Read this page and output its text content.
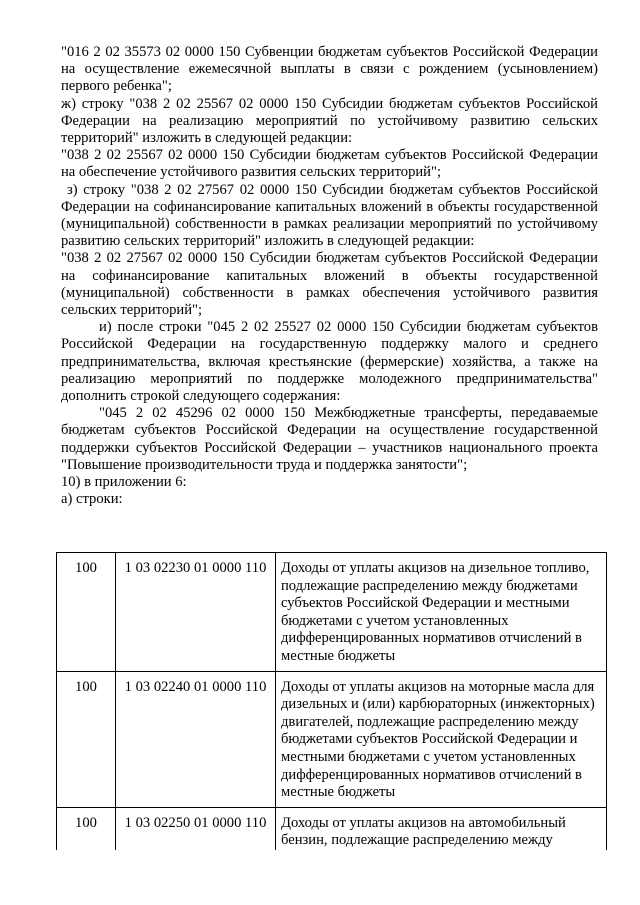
"016 2 02 35573 02 0000 150 Субвенции бюджетам субъектов Российской Федерации на осуществление ежемесячной выплаты в связи с рождением (усыновлением) первого ребенка";

ж) строку "038 2 02 25567 02 0000 150 Субсидии бюджетам субъектов Российской Федерации на реализацию мероприятий по устойчивому развитию сельских территорий" изложить в следующей редакции:

"038 2 02 25567 02 0000 150 Субсидии бюджетам субъектов Российской Федерации на обеспечение устойчивого развития сельских территорий";

з) строку "038 2 02 27567 02 0000 150 Субсидии бюджетам субъектов Российской Федерации на софинансирование капитальных вложений в объекты государственной (муниципальной) собственности в рамках реализации мероприятий по устойчивому развитию сельских территорий" изложить в следующей редакции:

"038 2 02 27567 02 0000 150 Субсидии бюджетам субъектов Российской Федерации на софинансирование капитальных вложений в объекты государственной (муниципальной) собственности в рамках обеспечения устойчивого развития сельских территорий";

и) после строки "045 2 02 25527 02 0000 150 Субсидии бюджетам субъектов Российской Федерации на государственную поддержку малого и среднего предпринимательства, включая крестьянские (фермерские) хозяйства, а также на реализацию мероприятий по поддержке молодежного предпринимательства" дополнить строкой следующего содержания:

"045 2 02 45296 02 0000 150 Межбюджетные трансферты, передаваемые бюджетам субъектов Российской Федерации на осуществление государственной поддержки субъектов Российской Федерации – участников национального проекта "Повышение производительности труда и поддержка занятости";

10) в приложении 6:

а) строки:

100	1 03 02230 01 0000 110	Доходы от уплаты акцизов на дизельное топливо, подлежащие распределению между бюджетами субъектов Российской Федерации и местными бюджетами с учетом установленных дифференцированных нормативов отчислений в местные бюджеты
100	1 03 02240 01 0000 110	Доходы от уплаты акцизов на моторные масла для дизельных и (или) карбюраторных (инжекторных) двигателей, подлежащие распределению между бюджетами субъектов Российской Федерации и местными бюджетами с учетом установленных дифференцированных нормативов отчислений в местные бюджеты
100	1 03 02250 01 0000 110	Доходы от уплаты акцизов на автомобильный бензин, подлежащие распределению между
